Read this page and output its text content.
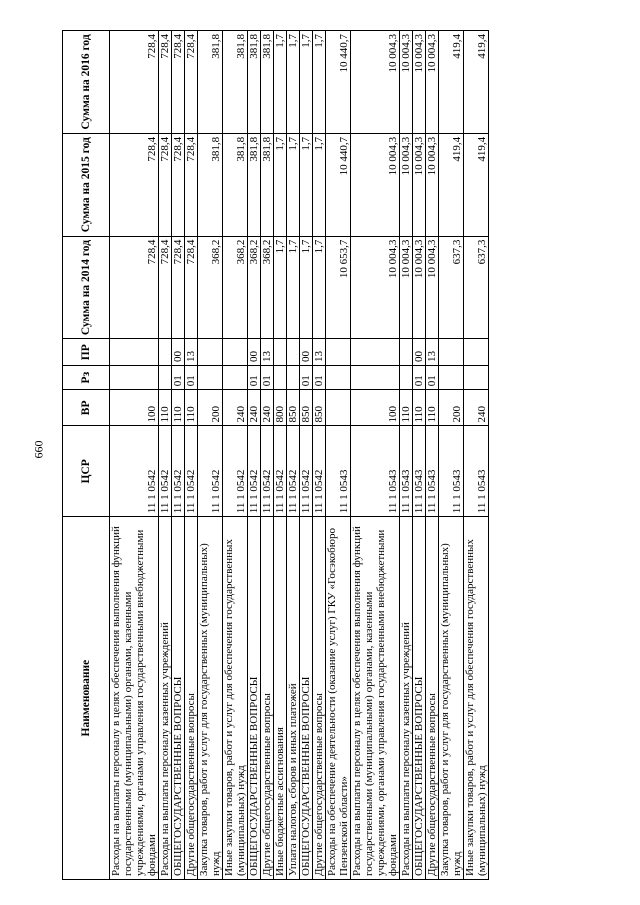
660
Наименование	ЦСР	ВР	Рз	ПР	Сумма на 2014 год	Сумма на 2015 год	Сумма на 2016 год
Расходы на выплаты персоналу в целях обеспечения выполнения функций государственными (муниципальными) органами, казенными учреждениями, органами управления государственными внебюджетными фондами	11 1 0542	100			728,4	728,4	728,4
Расходы на выплаты персоналу казенных учреждений	11 1 0542	110			728,4	728,4	728,4
ОБЩЕГОСУДАРСТВЕННЫЕ ВОПРОСЫ	11 1 0542	110	01	00	728,4	728,4	728,4
Другие общегосударственные вопросы	11 1 0542	110	01	13	728,4	728,4	728,4
Закупка товаров, работ и услуг для государственных (муниципальных) нужд	11 1 0542	200			368,2	381,8	381,8
Иные закупки товаров, работ и услуг для обеспечения государственных (муниципальных) нужд	11 1 0542	240			368,2	381,8	381,8
ОБЩЕГОСУДАРСТВЕННЫЕ ВОПРОСЫ	11 1 0542	240	01	00	368,2	381,8	381,8
Другие общегосударственные вопросы	11 1 0542	240	01	13	368,2	381,8	381,8
Иные бюджетные ассигнования	11 1 0542	800			1,7	1,7	1,7
Уплата налогов, сборов и иных платежей	11 1 0542	850			1,7	1,7	1,7
ОБЩЕГОСУДАРСТВЕННЫЕ ВОПРОСЫ	11 1 0542	850	01	00	1,7	1,7	1,7
Другие общегосударственные вопросы	11 1 0542	850	01	13	1,7	1,7	1,7
Расходы на обеспечение деятельности (оказание услуг) ГКУ «Госэкобюро Пензенской области»	11 1 0543				10 653,7	10 440,7	10 440,7
Расходы на выплаты персоналу в целях обеспечения выполнения функций государственными (муниципальными) органами, казенными учреждениями, органами управления государственными внебюджетными фондами	11 1 0543	100			10 004,3	10 004,3	10 004,3
Расходы на выплаты персоналу казенных учреждений	11 1 0543	110			10 004,3	10 004,3	10 004,3
ОБЩЕГОСУДАРСТВЕННЫЕ ВОПРОСЫ	11 1 0543	110	01	00	10 004,3	10 004,3	10 004,3
Другие общегосударственные вопросы	11 1 0543	110	01	13	10 004,3	10 004,3	10 004,3
Закупка товаров, работ и услуг для государственных (муниципальных) нужд	11 1 0543	200			637,3	419,4	419,4
Иные закупки товаров, работ и услуг для обеспечения государственных (муниципальных) нужд	11 1 0543	240			637,3	419,4	419,4
